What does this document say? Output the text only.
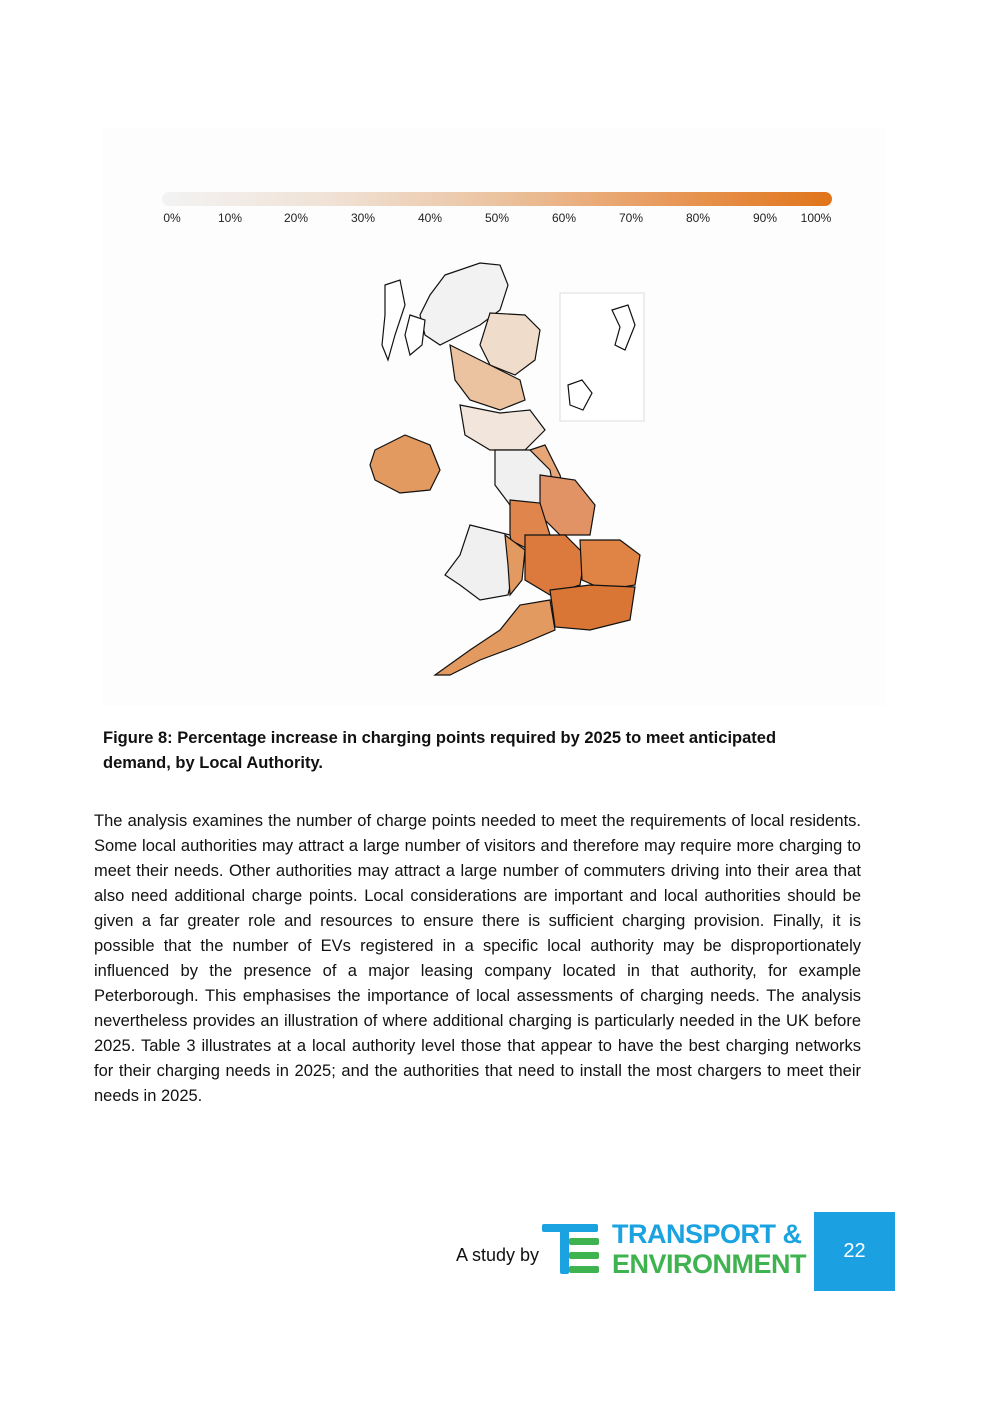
0%	10%	20%	30%	40%	50%	60%	70%	80%	90% 100%
Figure 8: Percentage increase in charging points required by 2025 to meet anticipated demand, by Local Authority.
The analysis examines the number of charge points needed to meet the requirements of local residents. Some local authorities may attract a large number of visitors and therefore may require more charging to meet their needs. Other authorities may attract a large number of commuters driving into their area that also need additional charge points. Local considerations are important and local authorities should be given a far greater role and resources to ensure there is sufficient charging provision. Finally, it is possible that the number of EVs registered in a specific local authority may be disproportionately influenced by the presence of a major leasing company located in that authority, for example Peterborough. This emphasises the importance of local assessments of charging needs. The analysis nevertheless provides an illustration of where additional charging is particularly needed in the UK before 2025. Table 3 illustrates at a local authority level those that appear to have the best charging networks for their charging needs in 2025; and the authorities that need to install the most chargers to meet their needs in 2025.
A study by
TRANSPORT &
ENVIRONMENT 22
